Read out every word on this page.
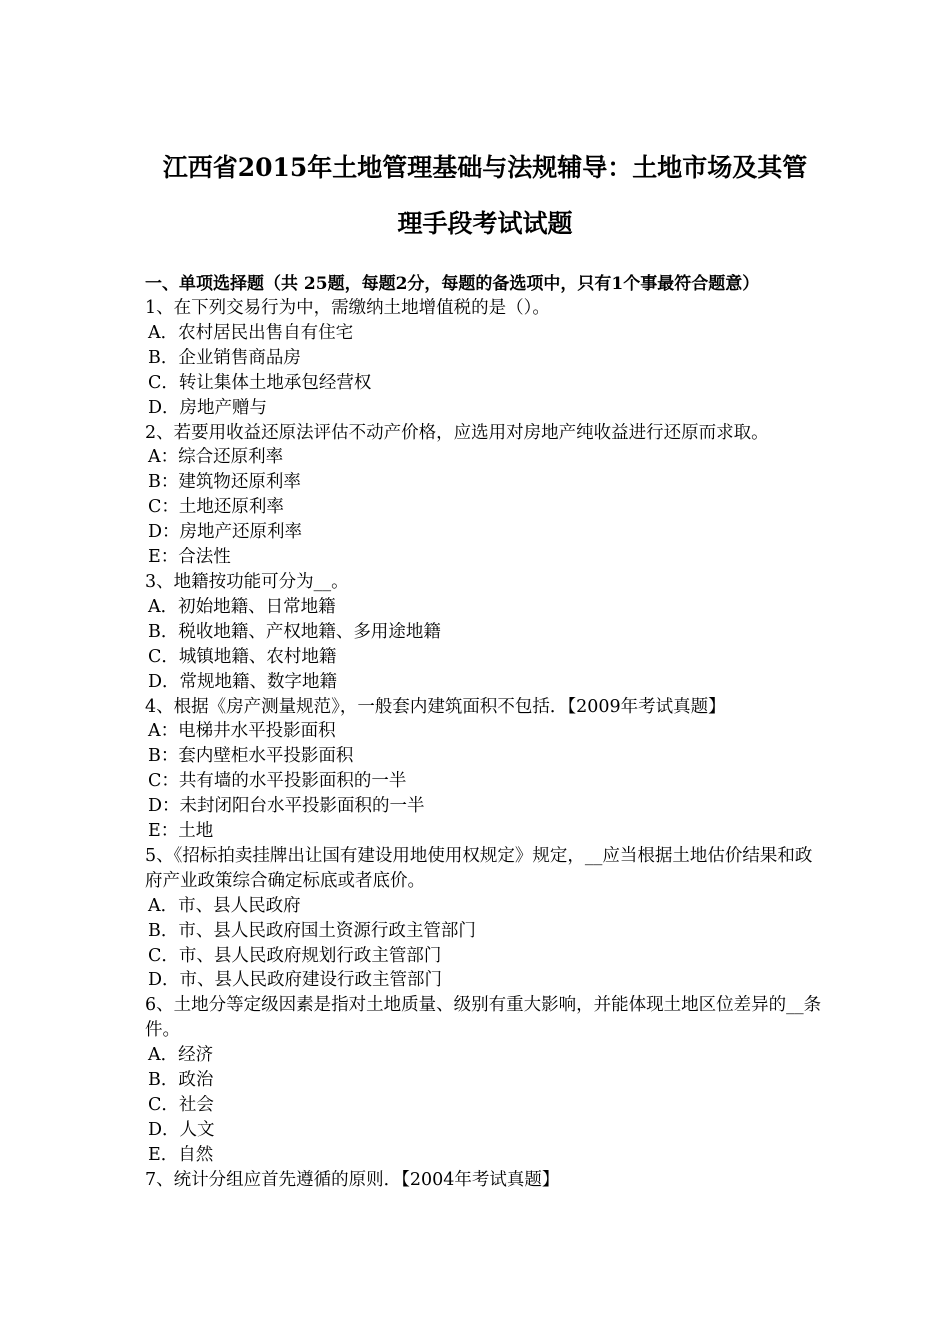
江西省2015年土地管理基础与法规辅导：土地市场及其管
理手段考试试题
一、单项选择题（共 25题，每题2分，每题的备选项中，只有1个事最符合题意）

1、在下列交易行为中，需缴纳土地增值税的是（）。

A．农村居民出售自有住宅

B．企业销售商品房

C．转让集体土地承包经营权

D．房地产赠与

2、若要用收益还原法评估不动产价格，应选用对房地产纯收益进行还原而求取。

A：综合还原利率

B：建筑物还原利率

C：土地还原利率

D：房地产还原利率

E：合法性

3、地籍按功能可分为__。

A．初始地籍、日常地籍

B．税收地籍、产权地籍、多用途地籍

C．城镇地籍、农村地籍

D．常规地籍、数字地籍

4、根据《房产测量规范》，一般套内建筑面积不包括．【2009年考试真题】

A：电梯井水平投影面积

B：套内壁柜水平投影面积

C：共有墙的水平投影面积的一半

D：未封闭阳台水平投影面积的一半

E：土地

5、《招标拍卖挂牌出让国有建设用地使用权规定》规定，__应当根据土地估价结果和政府产业政策综合确定标底或者底价。

A．市、县人民政府

B．市、县人民政府国土资源行政主管部门

C．市、县人民政府规划行政主管部门

D．市、县人民政府建设行政主管部门

6、土地分等定级因素是指对土地质量、级别有重大影响，并能体现土地区位差异的__条件。

A．经济

B．政治

C．社会

D．人文

E．自然

7、统计分组应首先遵循的原则．【2004年考试真题】
